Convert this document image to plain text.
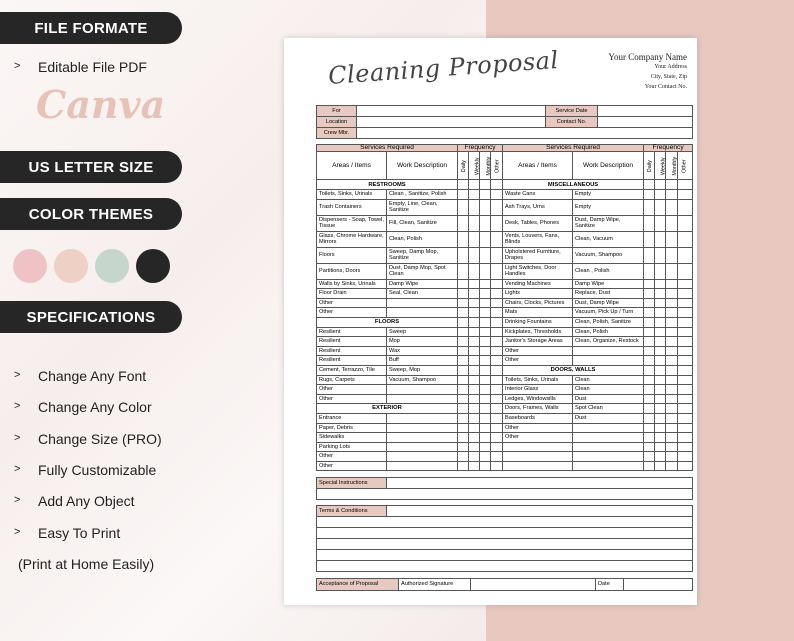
FILE FORMATE
> Editable File PDF
Canva
US LETTER SIZE
COLOR THEMES
SPECIFICATIONS
> Change Any Font
> Change Any Color
> Change Size (PRO)
> Fully Customizable
> Add Any Object
> Easy To Print
(Print at Home Easily)
Cleaning Proposal	Your Company Name
Your Address
City, State, Zip
Your Contact No.
For		Service Date	
Location		Contact No.	
Crew Mbr.			
Services Required		Frequency				Services Required		Frequency			
Areas / Items	Work Description	Daily	Weekly	Monthly	Other	Areas / Items	Work Description	Daily	Weekly	Monthly	Other
RESTROOMS						MISCELLANEOUS					
Toilets, Sinks, Urinals	Clean , Sanitize, Polish					Waste Cans	Empty				
Trash Containers	Empty, Line, Clean, Sanitize					Ash Trays, Urns	Empty				
Dispensers - Soap, Towel, Tissue	Fill, Clean, Sanitize					Desk, Tables, Phones	Dust, Damp Wipe, Sanitize				
Glass, Chrome Hardware, Mirrors	Clean, Polish					Vents, Louvers, Fans, Blinds	Clean, Vacuum				
Floors	Sweep, Damp Mop, Sanitize					Upholstered Furniture, Drapes	Vacuum, Shampoo				
Partitions, Doors	Dust, Damp Mop, Spot Clean					Light Switches, Door Handles	Clean , Polish				
Walls by Sinks, Urinals	Damp Wipe					Vending Machines	Damp Wipe				
Floor Drain	Seal, Clean					Lights	Replace, Dust				
Other						Chairs, Clocks, Pictures	Dust, Damp Wipe				
Other						Mats	Vacuum, Pick Up / Turn				
FLOORS						Drinking Fountains	Clean, Polish, Sanitize				
Resilient	Sweep					Kickplates, Thresholds	Clean, Polish				
Resilient	Mop					Janitor's Storage Areas	Clean, Organize, Restock				
Resilient	Wax					Other					
Resilient	Buff					Other					
Cement, Terrazzo, Tile	Sweep, Mop					DOORS, WALLS					
Rugs, Carpets	Vacuum, Shampoo					Toilets, Sinks, Urinals	Clean				
Other						Interior Glass	Clean				
Other						Ledges, Windowsills	Dust				
EXTERIOR						Doors, Frames, Walls	Spot Clean				
Entrance						Baseboards	Dust				
Paper, Debris						Other					
Sidewalks						Other					
Parking Lots											
Other											
Other											
Special Instructions	

Terms & Conditions	

Acceptance of Proposal	Authorized Signature		Date	
